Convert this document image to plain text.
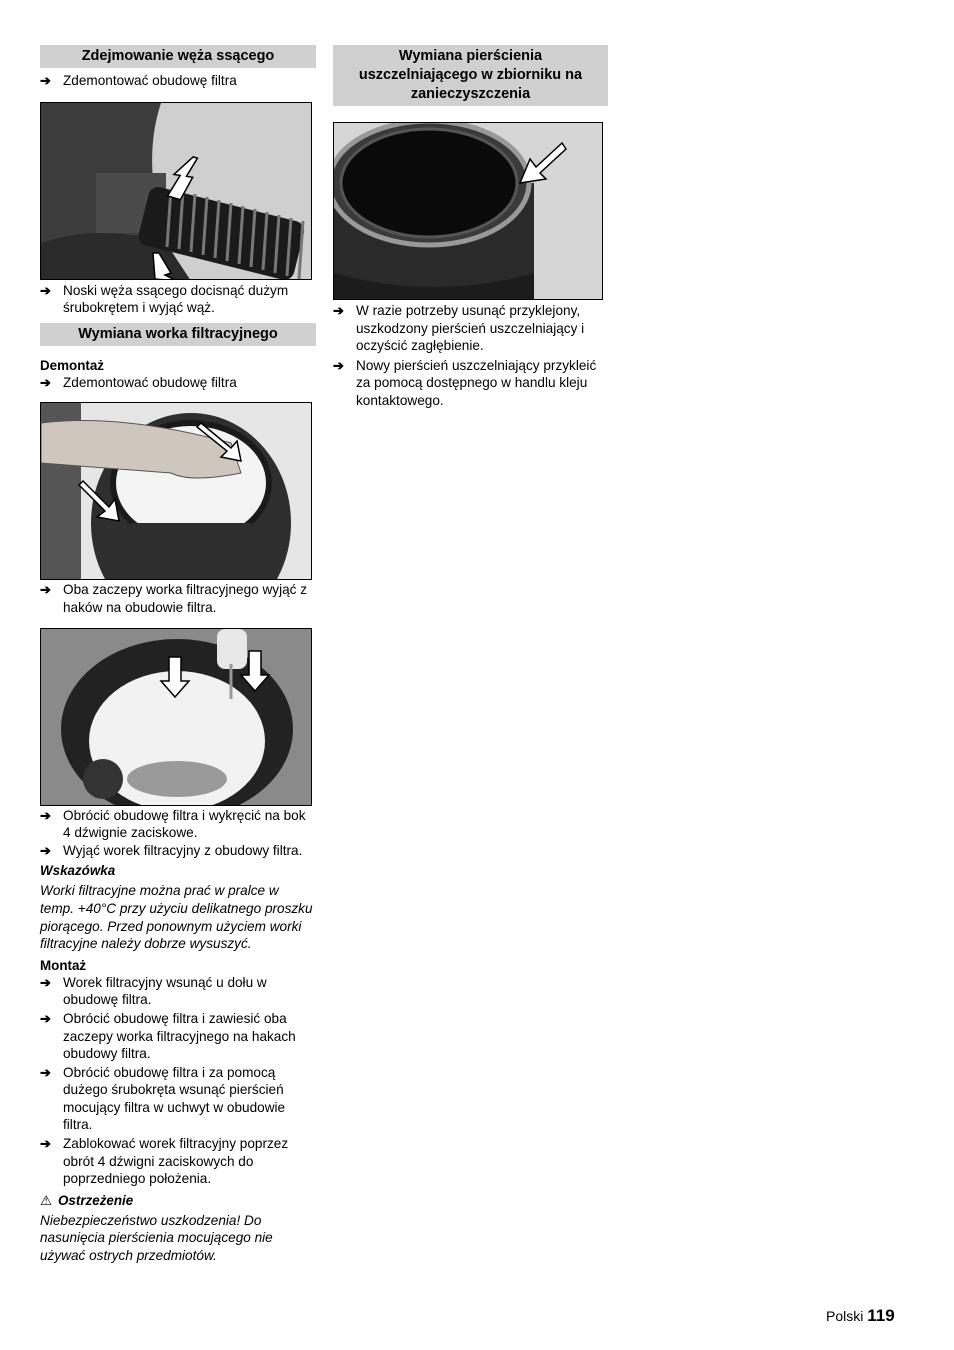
Zdejmowanie węża ssącego
➔ Zdemontować obudowę filtra
➔ Noski węża ssącego docisnąć dużym śrubokrętem i wyjąć wąż.
Wymiana worka filtracyjnego
Demontaż
➔ Zdemontować obudowę filtra
➔ Oba zaczepy worka filtracyjnego wyjąć z haków na obudowie filtra.
➔ Obrócić obudowę filtra i wykręcić na bok 4 dźwignie zaciskowe.
➔ Wyjąć worek filtracyjny z obudowy filtra.
Wskazówka
Worki filtracyjne można prać w pralce w temp. +40°C przy użyciu delikatnego proszku piorącego. Przed ponownym użyciem worki filtracyjne należy dobrze wysuszyć.
Montaż
➔ Worek filtracyjny wsunąć u dołu w obudowę filtra.
➔ Obrócić obudowę filtra i zawiesić oba zaczepy worka filtracyjnego na hakach obudowy filtra.
➔ Obrócić obudowę filtra i za pomocą dużego śrubokręta wsunąć pierścień mocujący filtra w uchwyt w obudowie filtra.
➔ Zablokować worek filtracyjny poprzez obrót 4 dźwigni zaciskowych do poprzedniego położenia.
⚠ Ostrzeżenie
Niebezpieczeństwo uszkodzenia! Do nasunięcia pierścienia mocującego nie używać ostrych przedmiotów.
Wymiana pierścienia uszczelniającego w zbiorniku na zanieczyszczenia
➔ W razie potrzeby usunąć przyklejony, uszkodzony pierścień uszczelniający i oczyścić zagłębienie.
➔ Nowy pierścień uszczelniający przykleić za pomocą dostępnego w handlu kleju kontaktowego.
Polski 119
